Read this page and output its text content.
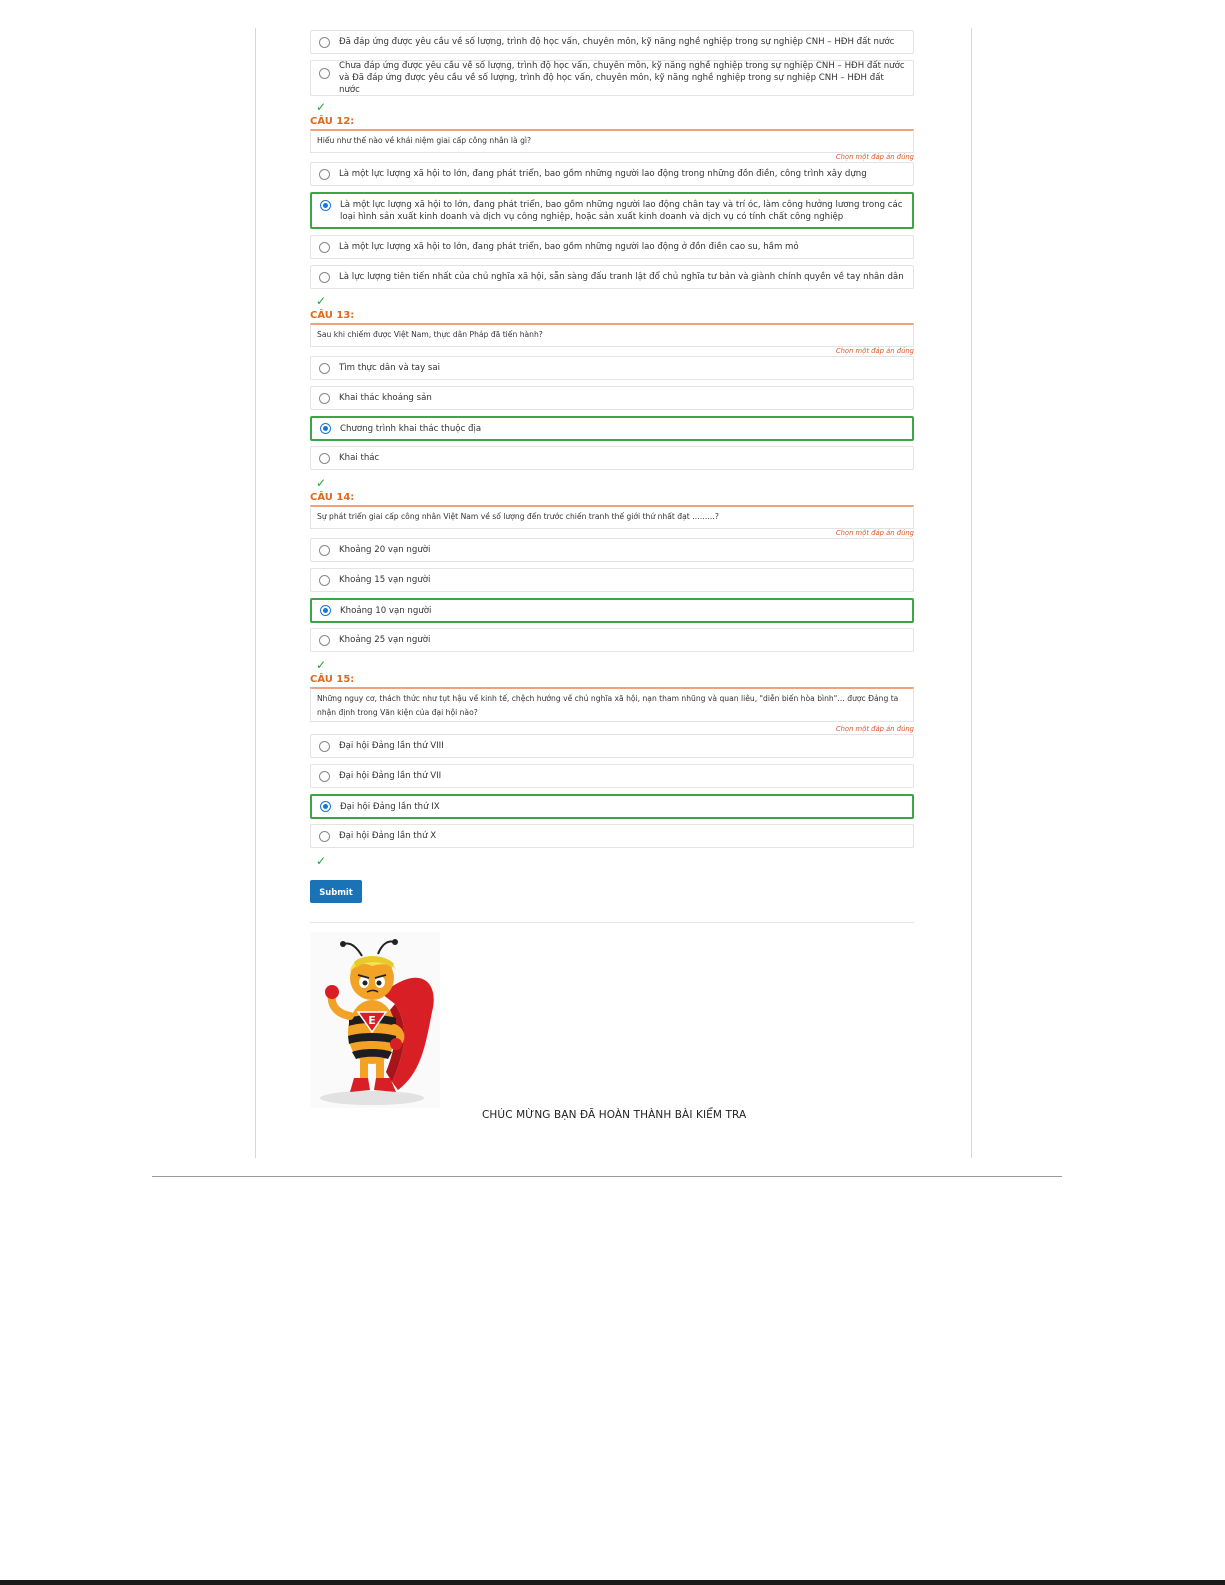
Đã đáp ứng được yêu cầu về số lượng, trình độ học vấn, chuyên môn, kỹ năng nghề nghiệp trong sự nghiệp CNH – HĐH đất nước
Chưa đáp ứng được yêu cầu về số lượng, trình độ học vấn, chuyên môn, kỹ năng nghề nghiệp trong sự nghiệp CNH – HĐH đất nước và Đã đáp ứng được yêu cầu về số lượng, trình độ học vấn, chuyên môn, kỹ năng nghề nghiệp trong sự nghiệp CNH – HĐH đất nước
✓
CÂU 12:
Hiểu như thế nào về khái niệm giai cấp công nhân là gì?
Chọn một đáp án đúng
Là một lực lượng xã hội to lớn, đang phát triển, bao gồm những người lao động trong những đồn điền, công trình xây dựng
Là một lực lượng xã hội to lớn, đang phát triển, bao gồm những người lao động chân tay và trí óc, làm công hưởng lương trong các loại hình sản xuất kinh doanh và dịch vụ công nghiệp, hoặc sản xuất kinh doanh và dịch vụ có tính chất công nghiệp
Là một lực lượng xã hội to lớn, đang phát triển, bao gồm những người lao động ở đồn điền cao su, hầm mỏ
Là lực lượng tiên tiến nhất của chủ nghĩa xã hội, sẵn sàng đấu tranh lật đổ chủ nghĩa tư bản và giành chính quyền về tay nhân dân
✓
CÂU 13:
Sau khi chiếm được Việt Nam, thực dân Pháp đã tiến hành?
Chọn một đáp án đúng
Tìm thực dân và tay sai
Khai thác khoáng sản
Chương trình khai thác thuộc địa
Khai thác
✓
CÂU 14:
Sự phát triển giai cấp công nhân Việt Nam về số lượng đến trước chiến tranh thế giới thứ nhất đạt ………?
Chọn một đáp án đúng
Khoảng 20 vạn người
Khoảng 15 vạn người
Khoảng 10 vạn người
Khoảng 25 vạn người
✓
CÂU 15:
Những nguy cơ, thách thức như tụt hậu về kinh tế, chệch hướng về chủ nghĩa xã hội, nạn tham nhũng và quan liêu, "diễn biến hòa bình"… được Đảng ta nhận định trong Văn kiện của đại hội nào?
Chọn một đáp án đúng
Đại hội Đảng lần thứ VIII
Đại hội Đảng lần thứ VII
Đại hội Đảng lần thứ IX
Đại hội Đảng lần thứ X
✓
Submit
E
CHÚC MỪNG BẠN ĐÃ HOÀN THÀNH BÀI KIỂM TRA
